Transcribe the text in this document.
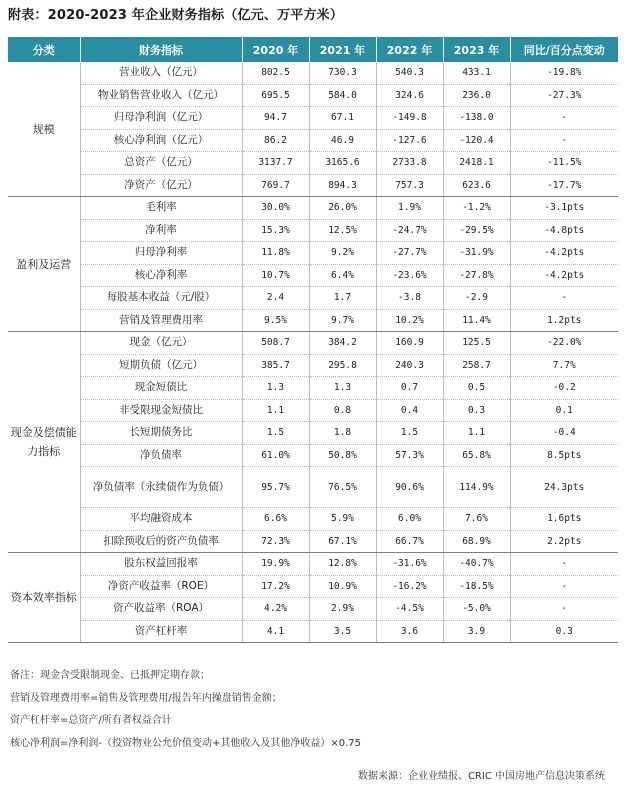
附表：2020-2023 年企业财务指标（亿元、万平方米）
分类	财务指标	2020 年	2021 年	2022 年	2023 年	同比/百分点变动
规模	营业收入（亿元）	802.5	730.3	540.3	433.1	-19.8%
	物业销售营业收入（亿元）	695.5	584.0	324.6	236.0	-27.3%
	归母净利润（亿元）	94.7	67.1	-149.8	-138.0	-
	核心净利润（亿元）	86.2	46.9	-127.6	-120.4	-
	总资产（亿元）	3137.7	3165.6	2733.8	2418.1	-11.5%
	净资产（亿元）	769.7	894.3	757.3	623.6	-17.7%
盈利及运营	毛利率	30.0%	26.0%	1.9%	-1.2%	-3.1pts
	净利率	15.3%	12.5%	-24.7%	-29.5%	-4.8pts
	归母净利率	11.8%	9.2%	-27.7%	-31.9%	-4.2pts
	核心净利率	10.7%	6.4%	-23.6%	-27.8%	-4.2pts
	每股基本收益（元/股）	2.4	1.7	-3.8	-2.9	-
	营销及管理费用率	9.5%	9.7%	10.2%	11.4%	1.2pts
现金及偿债能力指标	现金（亿元）	508.7	384.2	160.9	125.5	-22.0%
	短期负债（亿元）	385.7	295.8	240.3	258.7	7.7%
	现金短债比	1.3	1.3	0.7	0.5	-0.2
	非受限现金短债比	1.1	0.8	0.4	0.3	0.1
	长短期债务比	1.5	1.8	1.5	1.1	-0.4
	净负债率	61.0%	50.8%	57.3%	65.8%	8.5pts
	净负债率（永续债作为负债）	95.7%	76.5%	90.6%	114.9%	24.3pts
	平均融资成本	6.6%	5.9%	6.0%	7.6%	1.6pts
	扣除预收后的资产负债率	72.3%	67.1%	66.7%	68.9%	2.2pts
资本效率指标	股东权益回报率	19.9%	12.8%	-31.6%	-40.7%	-
	净资产收益率（ROE）	17.2%	10.9%	-16.2%	-18.5%	-
	资产收益率（ROA）	4.2%	2.9%	-4.5%	-5.0%	-
	资产杠杆率	4.1	3.5	3.6	3.9	0.3
备注：现金含受限制现金、已抵押定期存款；
营销及管理费用率=销售及管理费用/报告年内操盘销售金额；
资产杠杆率=总资产/所有者权益合计
核心净利润=净利润-（投资物业公允价值变动+其他收入及其他净收益）×0.75
数据来源：企业业绩报、CRIC 中国房地产信息决策系统
